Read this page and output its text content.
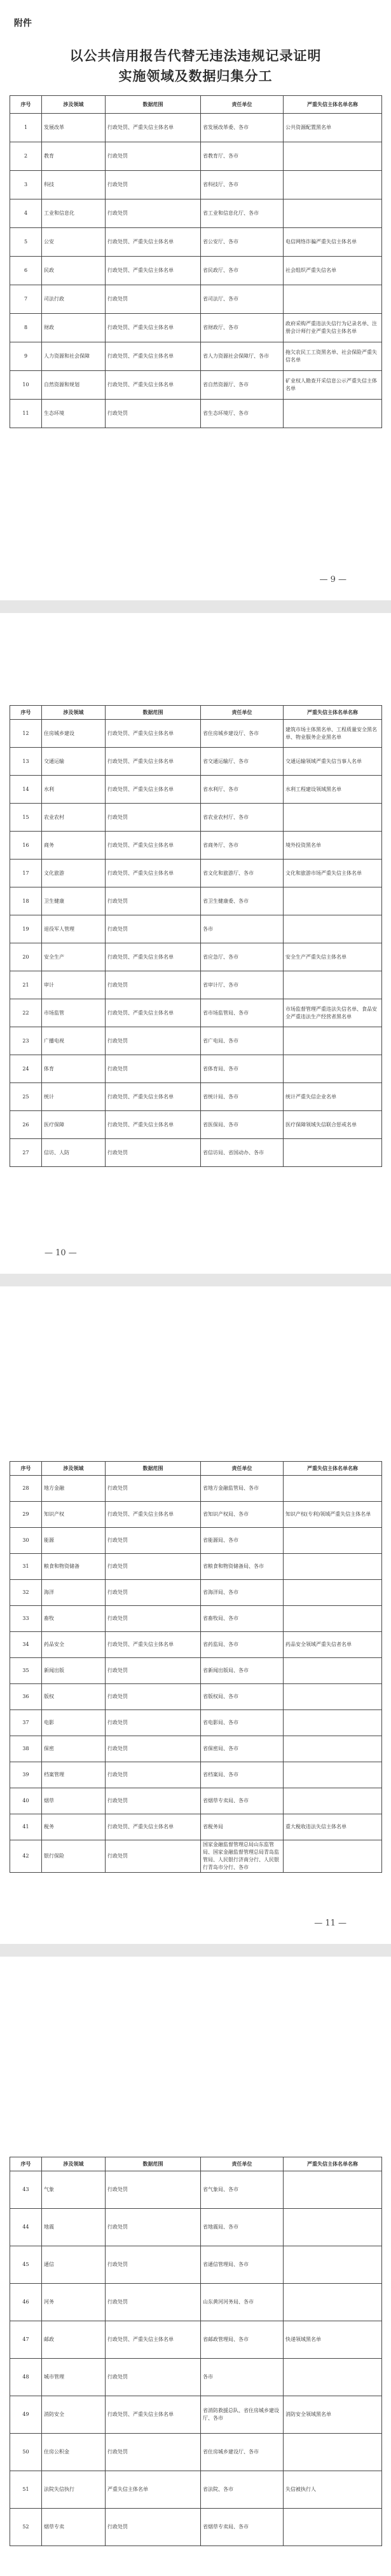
附件
以公共信用报告代替无违法违规记录证明
实施领域及数据归集分工
序号	涉及领域	数据范围	责任单位	严重失信主体名单名称
1	发展改革	行政处罚、严重失信主体名单	省发展改革委、各市	公共资源配置黑名单
2	教育	行政处罚	省教育厅、各市	
3	科技	行政处罚	省科技厅、各市	
4	工业和信息化	行政处罚	省工业和信息化厅、各市	
5	公安	行政处罚、严重失信主体名单	省公安厅、各市	电信网络诈骗严重失信主体名单
6	民政	行政处罚、严重失信主体名单	省民政厅、各市	社会组织严重失信名单
7	司法行政	行政处罚	省司法厅、各市	
8	财政	行政处罚、严重失信主体名单	省财政厅、各市	政府采购严重违法失信行为记录名单、注册会计师行业严重失信主体名单
9	人力资源和社会保障	行政处罚、严重失信主体名单	省人力资源社会保障厅、各市	拖欠农民工工资黑名单、社会保险严重失信名单
10	自然资源和规划	行政处罚、严重失信主体名单	省自然资源厅、各市	矿业权人勘查开采信息公示严重失信主体名单
11	生态环境	行政处罚	省生态环境厅、各市	
— 9 —
序号	涉及领域	数据范围	责任单位	严重失信主体名单名称
12	住房城乡建设	行政处罚、严重失信主体名单	省住房城乡建设厅、各市	建筑市场主体黑名单、工程质量安全黑名单、物业服务企业黑名单
13	交通运输	行政处罚、严重失信主体名单	省交通运输厅、各市	交通运输领域严重失信当事人名单
14	水利	行政处罚、严重失信主体名单	省水利厅、各市	水利工程建设领域黑名单
15	农业农村	行政处罚	省农业农村厅、各市	
16	商务	行政处罚、严重失信主体名单	省商务厅、各市	境外投资黑名单
17	文化旅游	行政处罚、严重失信主体名单	省文化和旅游厅、各市	文化和旅游市场严重失信主体名单
18	卫生健康	行政处罚	省卫生健康委、各市	
19	退役军人管理	行政处罚	各市	
20	安全生产	行政处罚、严重失信主体名单	省应急厅、各市	安全生产严重失信主体名单
21	审计	行政处罚	省审计厅、各市	
22	市场监管	行政处罚、严重失信主体名单	省市场监管局、各市	市场监督管理严重违法失信名单、食品安全严重违法生产经营者黑名单
23	广播电视	行政处罚	省广电局、各市	
24	体育	行政处罚	省体育局、各市	
25	统计	行政处罚、严重失信主体名单	省统计局、各市	统计严重失信企业名单
26	医疗保障	行政处罚、严重失信主体名单	省医保局、各市	医疗保障领域失信联合惩戒名单
27	信访、人防	行政处罚	省信访局、省国动办、各市	
— 10 —
序号	涉及领域	数据范围	责任单位	严重失信主体名单名称
28	地方金融	行政处罚	省地方金融监管局、各市	
29	知识产权	行政处罚、严重失信主体名单	省知识产权局、各市	知识产权(专利)领域严重失信主体名单
30	能源	行政处罚	省能源局、各市	
31	粮食和物资储备	行政处罚	省粮食和物资储备局、各市	
32	海洋	行政处罚	省海洋局、各市	
33	畜牧	行政处罚	省畜牧局、各市	
34	药品安全	行政处罚、严重失信主体名单	省药监局、各市	药品安全领域严重失信者名单
35	新闻出版	行政处罚	省新闻出版局、各市	
36	版权	行政处罚	省版权局、各市	
37	电影	行政处罚	省电影局、各市	
38	保密	行政处罚	省保密局、各市	
39	档案管理	行政处罚	省档案局、各市	
40	烟草	行政处罚	省烟草专卖局、各市	
41	税务	行政处罚、严重失信主体名单	省税务局	重大税收违法失信主体名单
42	银行保险	行政处罚	国家金融监督管理总局山东监管局、国家金融监督管理总局青岛监管局、人民银行济南分行、人民银行青岛市分行、各市	
— 11 —
序号	涉及领域	数据范围	责任单位	严重失信主体名单名称
43	气象	行政处罚	省气象局、各市	
44	地震	行政处罚	省地震局、各市	
45	通信	行政处罚	省通信管理局、各市	
46	河务	行政处罚	山东黄河河务局、各市	
47	邮政	行政处罚、严重失信主体名单	省邮政管理局、各市	快递领域黑名单
48	城市管理	行政处罚	各市	
49	消防安全	行政处罚、严重失信主体名单	省消防救援总队、省住房城乡建设厅、各市	消防安全领域黑名单
50	住房公积金	行政处罚	省住房城乡建设厅、各市	
51	法院失信执行	严重失信主体名单	省法院、各市	失信被执行人
52	烟草专卖	行政处罚	省烟草专卖局、各市	
